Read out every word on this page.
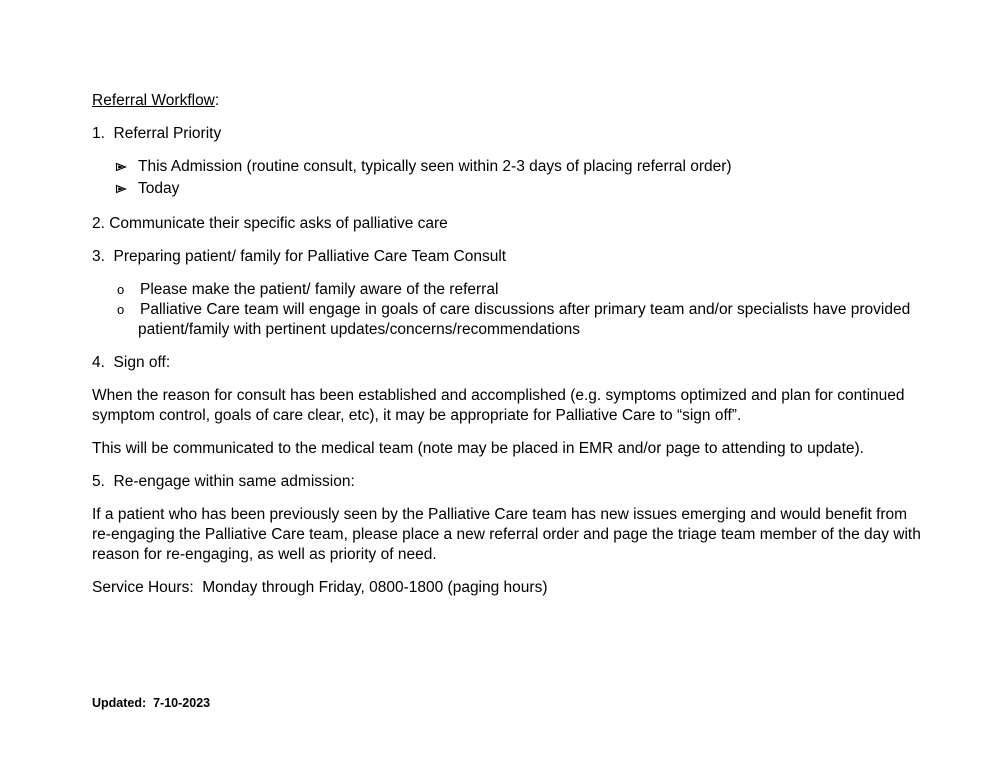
Referral Workflow:
1.  Referral Priority
This Admission (routine consult, typically seen within 2-3 days of placing referral order)
Today
2. Communicate their specific asks of palliative care
3.  Preparing patient/ family for Palliative Care Team Consult
o	Please make the patient/ family aware of the referral
o	Palliative Care team will engage in goals of care discussions after primary team and/or specialists have provided
patient/family with pertinent updates/concerns/recommendations
4.  Sign off:
When the reason for consult has been established and accomplished (e.g. symptoms optimized and plan for continued
symptom control, goals of care clear, etc), it may be appropriate for Palliative Care to “sign off”.
This will be communicated to the medical team (note may be placed in EMR and/or page to attending to update).
5.  Re-engage within same admission:
If a patient who has been previously seen by the Palliative Care team has new issues emerging and would benefit from
re-engaging the Palliative Care team, please place a new referral order and page the triage team member of the day with
reason for re-engaging, as well as priority of need.
Service Hours:  Monday through Friday, 0800-1800 (paging hours)
Updated:  7-10-2023
